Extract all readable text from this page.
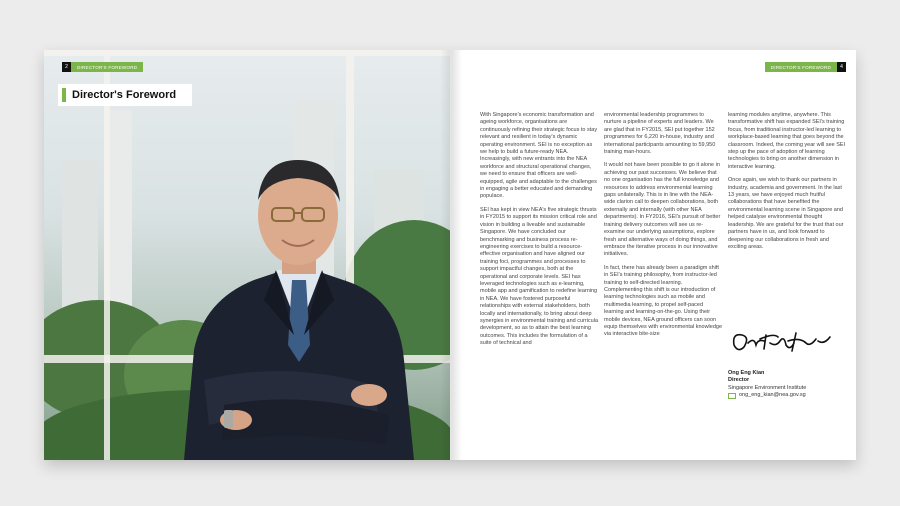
2	DIRECTOR'S FOREWORD
Director's Foreword
DIRECTOR'S FOREWORD	4

With Singapore's economic transformation and ageing workforce, organisations are continuously refining their strategic focus to stay relevant and resilient in today's dynamic operating environment. SEI is no exception as we help to build a future-ready NEA. Increasingly, with new entrants into the NEA workforce and structural operational changes, we need to ensure that officers are well-equipped, agile and adaptable to the challenges in engaging a better educated and demanding populace.

SEI has kept in view NEA's five strategic thrusts in FY2015 to support its mission critical role and vision in building a liveable and sustainable Singapore. We have concluded our benchmarking and business process re-engineering exercises to build a resource-effective organisation and have aligned our training foci, programmes and processes to support impactful changes, both at the operational and corporate levels. SEI has leveraged technologies such as e-learning, mobile app and gamification to redefine learning in NEA. We have fostered purposeful relationships with external stakeholders, both locally and internationally, to bring about deep synergies in environmental training and curricula development, so as to attain the best learning outcomes. This includes the formulation of a suite of technical and

environmental leadership programmes to nurture a pipeline of experts and leaders. We are glad that in FY2015, SEI put together 152 programmes for 6,220 in-house, industry and international participants amounting to 59,950 training man-hours.

It would not have been possible to go it alone in achieving our past successes. We believe that no one organisation has the full knowledge and resources to address environmental learning gaps unilaterally. This is in line with the NEA-wide clarion call to deepen collaborations, both externally and internally (with other NEA departments). In FY2016, SEI's pursuit of better training delivery outcomes will see us re-examine our underlying assumptions, explore fresh and alternative ways of doing things, and embrace the iterative process in our innovative initiatives.

In fact, there has already been a paradigm shift in SEI's training philosophy, from instructor-led training to self-directed learning. Complementing this shift is our introduction of learning technologies such as mobile and multimedia learning, to propel self-paced learning and learning-on-the-go. Using their mobile devices, NEA ground officers can soon equip themselves with environmental knowledge via interactive bite-size

learning modules anytime, anywhere. This transformative shift has expanded SEI's training focus, from traditional instructor-led learning to workplace-based learning that goes beyond the classroom. Indeed, the coming year will see SEI step up the pace of adoption of learning technologies to bring on another dimension in interactive learning.

Once again, we wish to thank our partners in industry, academia and government. In the last 13 years, we have enjoyed much fruitful collaborations that have benefited the environmental learning scene in Singapore and helped catalyse environmental thought leadership. We are grateful for the trust that our partners have in us, and look forward to deepening our collaborations in fresh and exciting areas.

Ong Eng Kian
Director
Singapore Environment Institute
ong_eng_kian@nea.gov.sg
